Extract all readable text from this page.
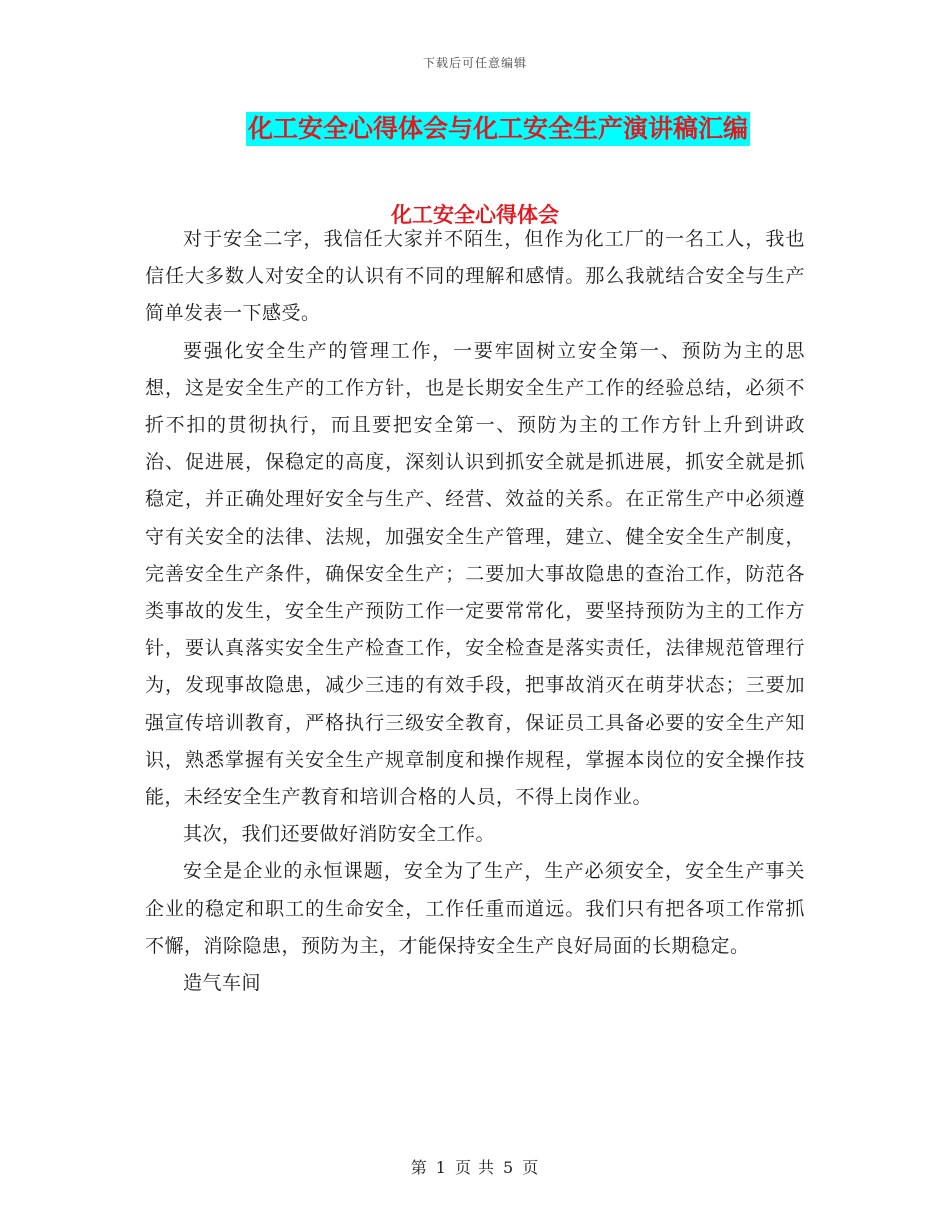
下载后可任意编辑
化工安全心得体会与化工安全生产演讲稿汇编
化工安全心得体会

对于安全二字，我信任大家并不陌生，但作为化工厂的一名工人，我也信任大多数人对安全的认识有不同的理解和感情。那么我就结合安全与生产简单发表一下感受。

要强化安全生产的管理工作，一要牢固树立安全第一、预防为主的思想，这是安全生产的工作方针，也是长期安全生产工作的经验总结，必须不折不扣的贯彻执行，而且要把安全第一、预防为主的工作方针上升到讲政治、促进展，保稳定的高度，深刻认识到抓安全就是抓进展，抓安全就是抓稳定，并正确处理好安全与生产、经营、效益的关系。在正常生产中必须遵守有关安全的法律、法规，加强安全生产管理，建立、健全安全生产制度，完善安全生产条件，确保安全生产；二要加大事故隐患的查治工作，防范各类事故的发生，安全生产预防工作一定要常常化，要坚持预防为主的工作方针，要认真落实安全生产检查工作，安全检查是落实责任，法律规范管理行为，发现事故隐患，减少三违的有效手段，把事故消灭在萌芽状态；三要加强宣传培训教育，严格执行三级安全教育，保证员工具备必要的安全生产知识，熟悉掌握有关安全生产规章制度和操作规程，掌握本岗位的安全操作技能，未经安全生产教育和培训合格的人员，不得上岗作业。

其次，我们还要做好消防安全工作。

安全是企业的永恒课题，安全为了生产，生产必须安全，安全生产事关企业的稳定和职工的生命安全，工作任重而道远。我们只有把各项工作常抓不懈，消除隐患，预防为主，才能保持安全生产良好局面的长期稳定。

造气车间

第 1 页 共 5 页
